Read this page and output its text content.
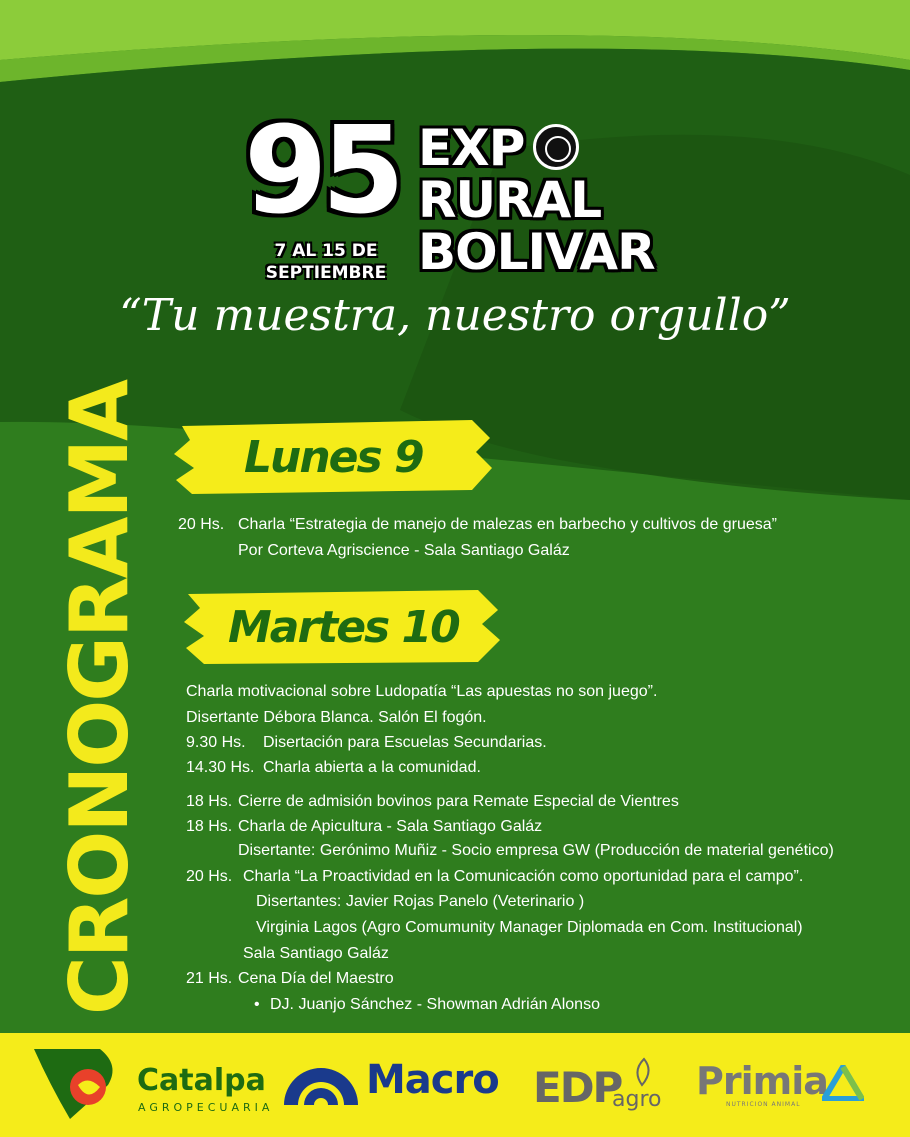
95
7 AL 15 DE
SEPTIEMBRE
EXP
RURAL
BOLIVAR
“Tu muestra, nuestro orgullo”
CRONOGRAMA Lunes 9
20 Hs. Charla “Estrategia de manejo de malezas en barbecho y cultivos de gruesa”
Por Corteva Agriscience - Sala Santiago Galáz
Martes 10
Charla motivacional sobre Ludopatía “Las apuestas no son juego”.
Disertante Débora Blanca. Salón El fogón.
9.30 Hs. Disertación para Escuelas Secundarias.
14.30 Hs. Charla abierta a la comunidad.
18 Hs. Cierre de admisión bovinos para Remate Especial de Vientres
18 Hs. Charla de Apicultura - Sala Santiago Galáz
Disertante: Gerónimo Muñiz - Socio empresa GW (Producción de material genético)
20 Hs. Charla “La Proactividad en la Comunicación como oportunidad para el campo”.
Disertantes: Javier Rojas Panelo (Veterinario )
Virginia Lagos (Agro Comumunity Manager Diplomada en Com. Institucional)
Sala Santiago Galáz
21 Hs. Cena Día del Maestro
• DJ. Juanjo Sánchez - Showman Adrián Alonso
Catalpa
AGROPECUARIA
Macro EDP
agro Primia
NUTRICION ANIMAL
